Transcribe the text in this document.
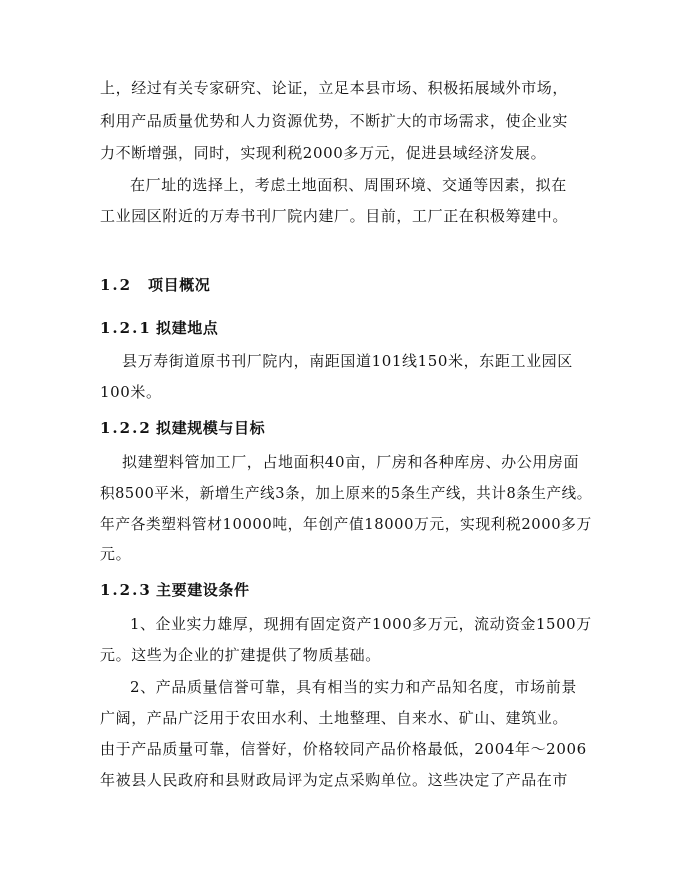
上，经过有关专家研究、论证，立足本县市场、积极拓展域外市场，
利用产品质量优势和人力资源优势，不断扩大的市场需求，使企业实
力不断增强，同时，实现利税2000多万元，促进县域经济发展。
在厂址的选择上，考虑土地面积、周围环境、交通等因素，拟在
工业园区附近的万寿书刊厂院内建厂。目前，工厂正在积极筹建中。
1.2 项目概况
1.2.1 拟建地点
县万寿街道原书刊厂院内，南距国道101线150米，东距工业园区
100米。
1.2.2 拟建规模与目标
拟建塑料管加工厂，占地面积40亩，厂房和各种库房、办公用房面
积8500平米，新增生产线3条，加上原来的5条生产线，共计8条生产线。
年产各类塑料管材10000吨，年创产值18000万元，实现利税2000多万
元。
1.2.3 主要建设条件
1、企业实力雄厚，现拥有固定资产1000多万元，流动资金1500万
元。这些为企业的扩建提供了物质基础。
2、产品质量信誉可靠，具有相当的实力和产品知名度，市场前景
广阔，产品广泛用于农田水利、土地整理、自来水、矿山、建筑业。
由于产品质量可靠，信誉好，价格较同产品价格最低，2004年～2006
年被县人民政府和县财政局评为定点采购单位。这些决定了产品在市
